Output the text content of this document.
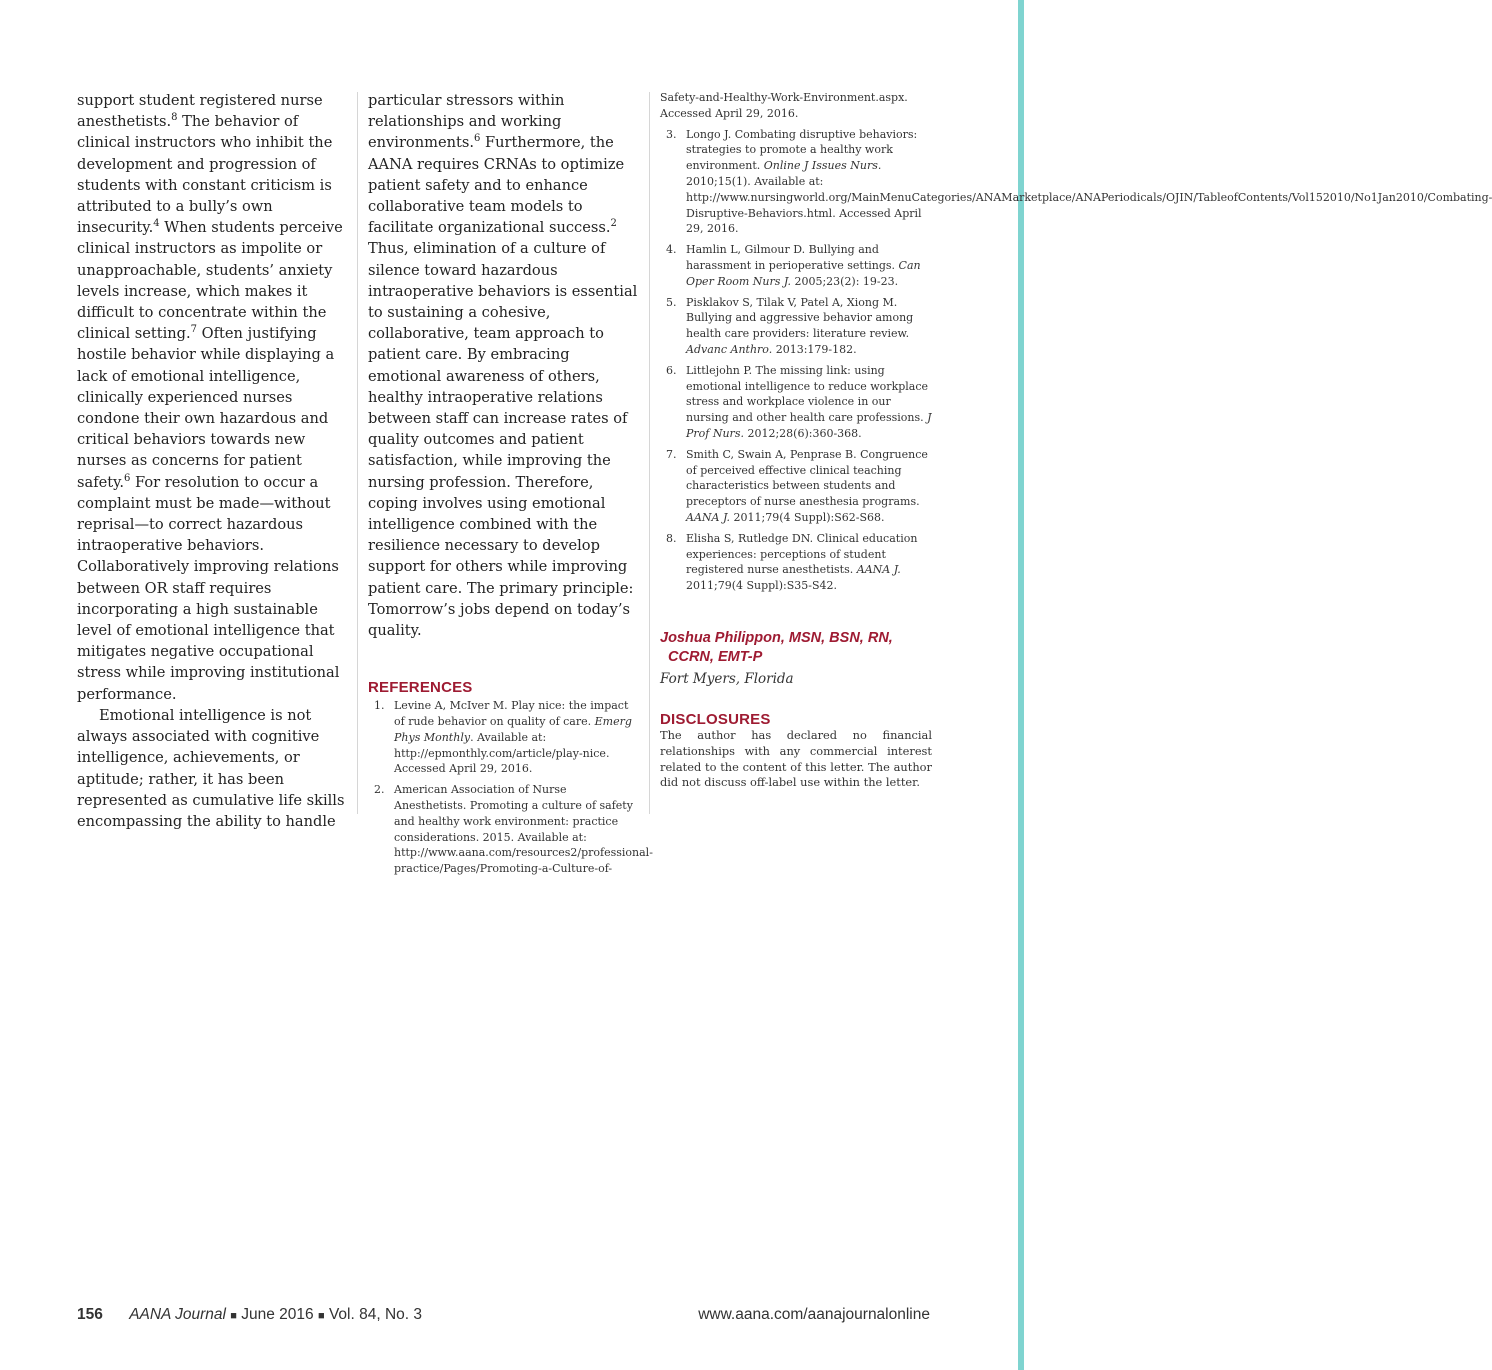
support student registered nurse anesthetists.$^8$ The behavior of clinical instructors who inhibit the development and progression of students with constant criticism is attributed to a bully’s own insecurity.$^4$ When students perceive clinical instructors as impolite or unapproachable, students’ anxiety levels increase, which makes it difficult to concentrate within the clinical setting.$^7$ Often justifying hostile behavior while displaying a lack of emotional intelligence, clinically experienced nurses condone their own hazardous and critical behaviors towards new nurses as concerns for patient safety.$^6$ For resolution to occur a complaint must be made—without reprisal—to correct hazardous intraoperative behaviors. Collaboratively improving relations between OR staff requires incorporating a high sustainable level of emotional intelligence that mitigates negative occupational stress while improving institutional performance.

Emotional intelligence is not always associated with cognitive intelligence, achievements, or aptitude; rather, it has been represented as cumulative life skills encompassing the ability to handle

particular stressors within relationships and working environments.$^6$ Furthermore, the AANA requires CRNAs to optimize patient safety and to enhance collaborative team models to facilitate organizational success.$^2$ Thus, elimination of a culture of silence toward hazardous intraoperative behaviors is essential to sustaining a cohesive, collaborative, team approach to patient care. By embracing emotional awareness of others, healthy intraoperative relations between staff can increase rates of quality outcomes and patient satisfaction, while improving the nursing profession. Therefore, coping involves using emotional intelligence combined with the resilience necessary to develop support for others while improving patient care. The primary principle: Tomorrow’s jobs depend on today’s quality.

REFERENCES
1. Levine A, McIver M. Play nice: the impact of rude behavior on quality of care. Emerg Phys Monthly. Available at: http://epmonthly.com/article/play-nice. Accessed April 29, 2016.
2. American Association of Nurse Anesthetists. Promoting a culture of safety and healthy work environment: practice considerations. 2015. Available at: http://www.aana.com/resources2/professional-practice/Pages/Promoting-a-Culture-of-
Safety-and-Healthy-Work-Environment.aspx. Accessed April 29, 2016.
3. Longo J. Combating disruptive behaviors: strategies to promote a healthy work environment. Online J Issues Nurs. 2010;15(1). Available at: http://www.nursingworld.org/MainMenuCategories/ANAMarketplace/ANAPeriodicals/OJIN/TableofContents/Vol152010/No1Jan2010/Combating-Disruptive-Behaviors.html. Accessed April 29, 2016.
4. Hamlin L, Gilmour D. Bullying and harassment in perioperative settings. Can Oper Room Nurs J. 2005;23(2): 19-23.
5. Pisklakov S, Tilak V, Patel A, Xiong M. Bullying and aggressive behavior among health care providers: literature review. Advanc Anthro. 2013:179-182.
6. Littlejohn P. The missing link: using emotional intelligence to reduce workplace stress and workplace violence in our nursing and other health care professions. J Prof Nurs. 2012;28(6):360-368.
7. Smith C, Swain A, Penprase B. Congruence of perceived effective clinical teaching characteristics between students and preceptors of nurse anesthesia programs. AANA J. 2011;79(4 Suppl):S62-S68.
8. Elisha S, Rutledge DN. Clinical education experiences: perceptions of student registered nurse anesthetists. AANA J. 2011;79(4 Suppl):S35-S42.

Joshua Philippon, MSN, BSN, RN,
CCRN, EMT-P

Fort Myers, Florida

DISCLOSURES

The author has declared no financial relationships with any commercial interest related to the content of this letter. The author did not discuss off-label use within the letter.

156 AANA Journal ■ June 2016 ■ Vol. 84, No. 3	www.aana.com/aanajournalonline
